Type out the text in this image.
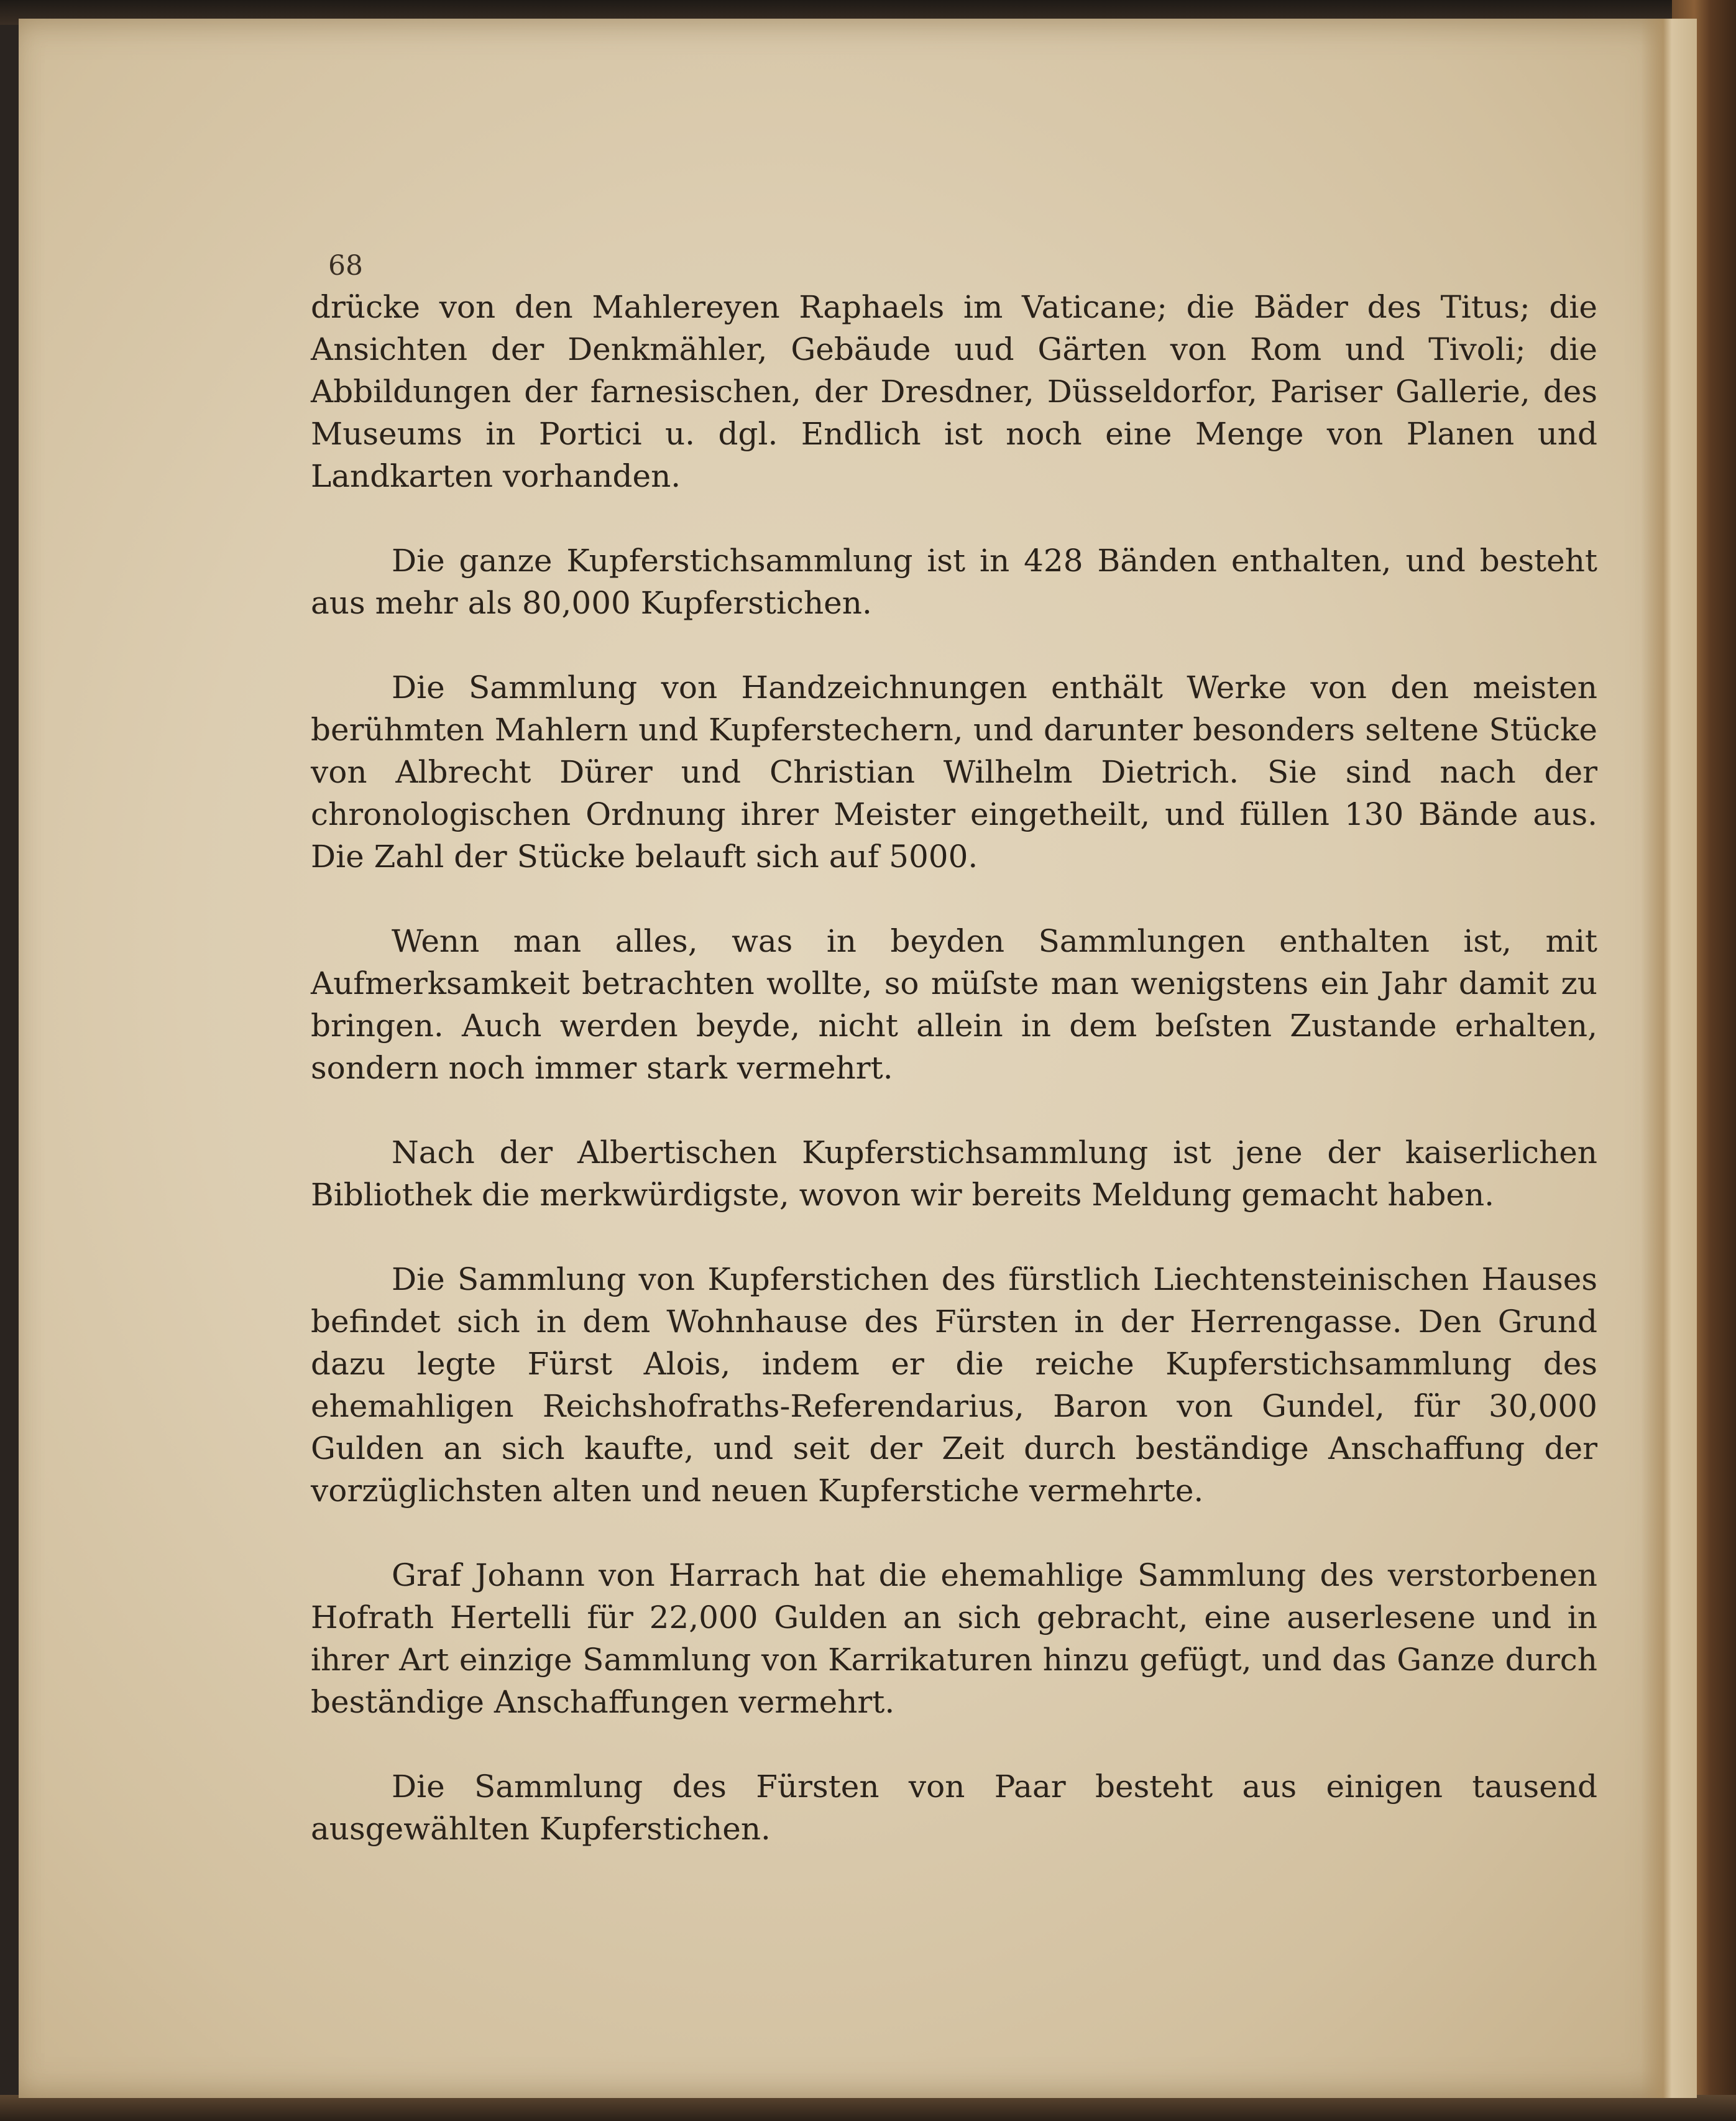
68

drücke von den Mahlereyen Raphaels im Vaticane; die Bäder des Titus; die Ansichten der Denkmähler, Gebäude uud Gärten von Rom und Tivoli; die Abbildungen der farnesischen, der Dresdner, Düsseldorfor, Pariser Gallerie, des Museums in Portici u. dgl. Endlich ist noch eine Menge von Planen und Landkarten vorhanden.

Die ganze Kupferstichsammlung ist in 428 Bänden enthalten, und besteht aus mehr als 80,000 Kupferstichen.

Die Sammlung von Handzeichnungen enthält Werke von den meisten berühmten Mahlern und Kupferstechern, und darunter besonders seltene Stücke von Albrecht Dürer und Christian Wilhelm Dietrich. Sie sind nach der chronologischen Ordnung ihrer Meister eingetheilt, und füllen 130 Bände aus. Die Zahl der Stücke belauft sich auf 5000.

Wenn man alles, was in beyden Sammlungen enthalten ist, mit Aufmerksamkeit betrachten wollte, so müſste man wenigstens ein Jahr damit zu bringen. Auch werden beyde, nicht allein in dem beſsten Zustande erhalten, sondern noch immer stark vermehrt.

Nach der Albertischen Kupferstichsammlung ist jene der kaiserlichen Bibliothek die merkwürdigste, wovon wir bereits Meldung gemacht haben.

Die Sammlung von Kupferstichen des fürstlich Liechtensteinischen Hauses befindet sich in dem Wohnhause des Fürsten in der Herrengasse. Den Grund dazu legte Fürst Alois, indem er die reiche Kupferstichsammlung des ehemahligen Reichshofraths-Referendarius, Baron von Gundel, für 30,000 Gulden an sich kaufte, und seit der Zeit durch beständige Anschaffung der vorzüglichsten alten und neuen Kupferstiche vermehrte.

Graf Johann von Harrach hat die ehemahlige Sammlung des verstorbenen Hofrath Hertelli für 22,000 Gulden an sich gebracht, eine auserlesene und in ihrer Art einzige Sammlung von Karrikaturen hinzu gefügt, und das Ganze durch beständige Anschaffungen vermehrt.

Die Sammlung des Fürsten von Paar besteht aus einigen tausend ausgewählten Kupferstichen.
